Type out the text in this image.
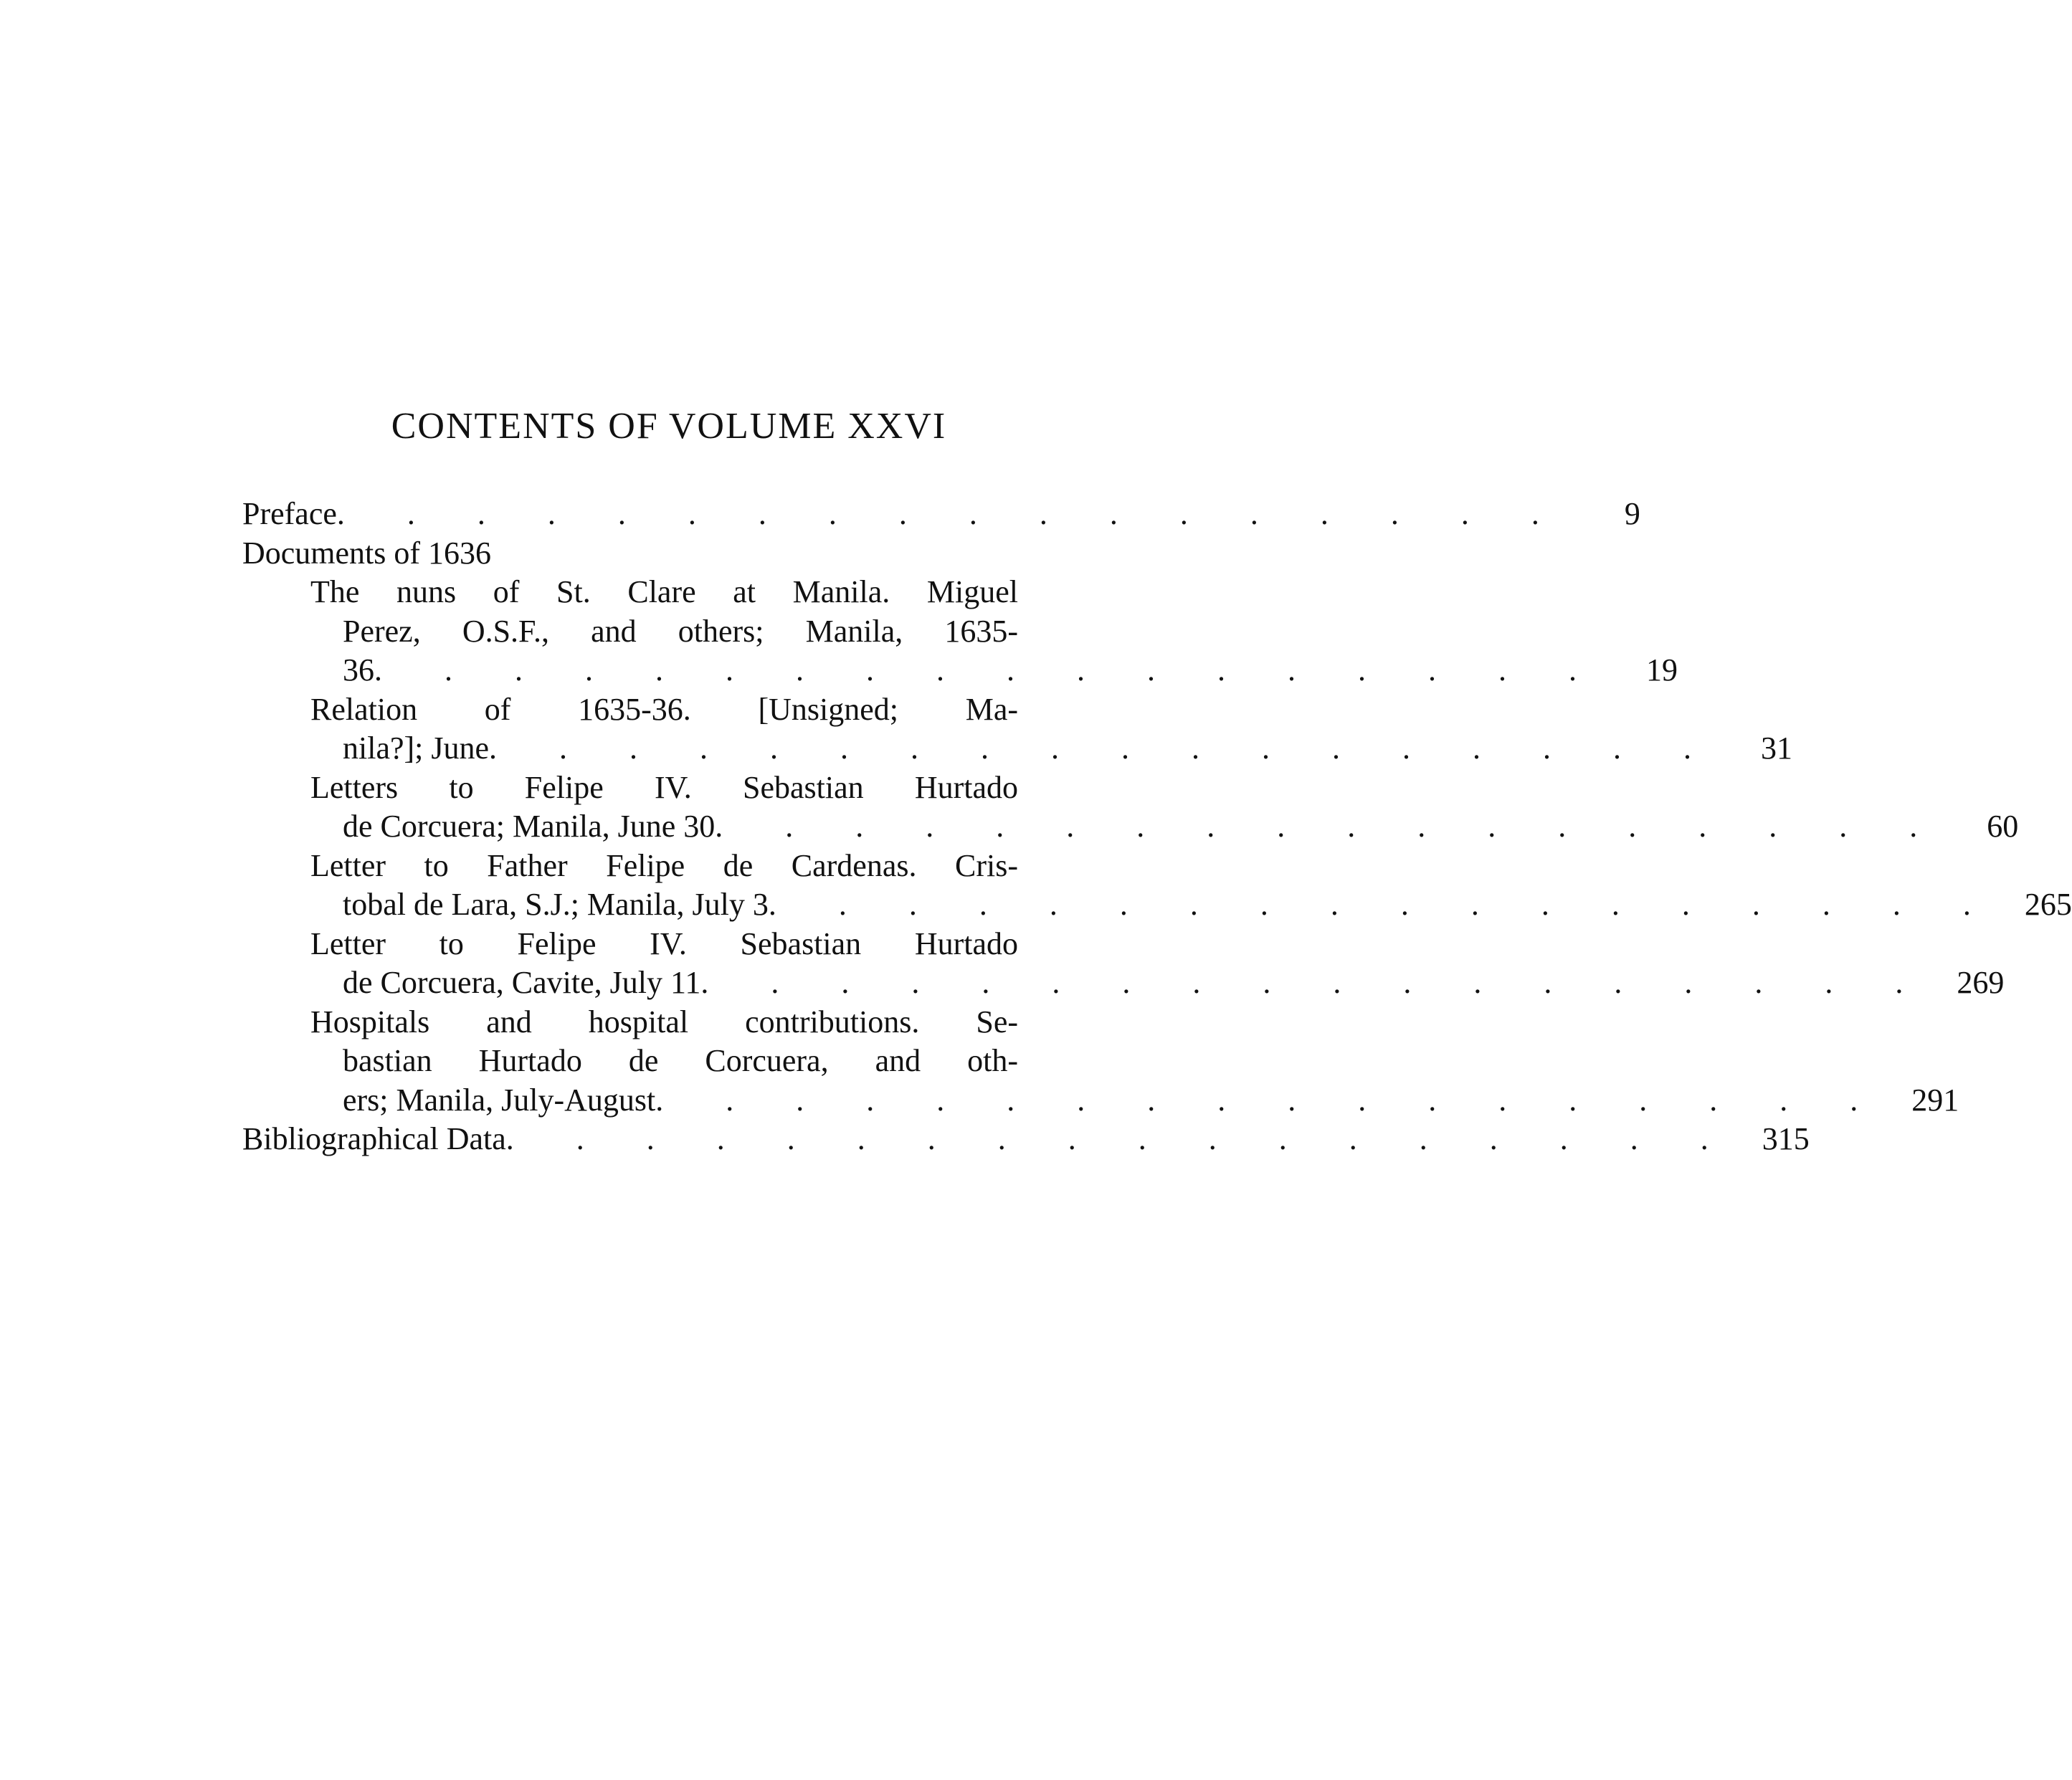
CONTENTS OF VOLUME XXVI
Preface . . . . . . . . . . . . . . . . . .	9
Documents of 1636
The nuns of St. Clare at Manila. Miguel
Perez, O.S.F., and others; Manila, 1635-
36 . . . . . . . . . . . . . . . . . .	19
Relation of 1635-36. [Unsigned; Ma-
nila?]; June . . . . . . . . . . . . . . . . . .	31
Letters to Felipe IV. Sebastian Hurtado
de Corcuera; Manila, June 30 . . . . . . . . . . . . . . . . . .	60
Letter to Father Felipe de Cardenas. Cris-
tobal de Lara, S.J.; Manila, July 3 . . . . . . . . . . . . . . . . . . 265
Letter to Felipe IV. Sebastian Hurtado
de Corcuera, Cavite, July 11 . . . . . . . . . . . . . . . . . . 269
Hospitals and hospital contributions. Se-
bastian Hurtado de Corcuera, and oth-
ers; Manila, July-August . . . . . . . . . . . . . . . . . . 291
Bibliographical Data . . . . . . . . . . . . . . . . . . 315
